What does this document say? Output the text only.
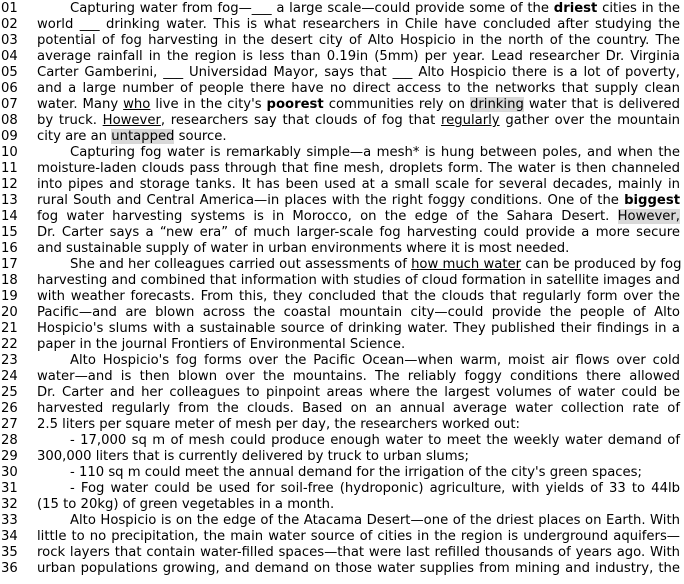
01	Capturing water from fog—___ a large scale—could provide some of the driest cities in the
02	world ___ drinking water. This is what researchers in Chile have concluded after studying the
03	potential of fog harvesting in the desert city of Alto Hospicio in the north of the country. The
04	average rainfall in the region is less than 0.19in (5mm) per year. Lead researcher Dr. Virginia
05	Carter Gamberini, ___ Universidad Mayor, says that ___ Alto Hospicio there is a lot of poverty,
06	and a large number of people there have no direct access to the networks that supply clean
07	water. Many who live in the city's poorest communities rely on drinking water that is delivered
08	by truck. However, researchers say that clouds of fog that regularly gather over the mountain
09	city are an untapped source.
10	Capturing fog water is remarkably simple—a mesh* is hung between poles, and when the
11	moisture-laden clouds pass through that fine mesh, droplets form. The water is then channeled
12	into pipes and storage tanks. It has been used at a small scale for several decades, mainly in
13	rural South and Central America—in places with the right foggy conditions. One of the biggest
14	fog water harvesting systems is in Morocco, on the edge of the Sahara Desert. However,
15	Dr. Carter says a “new era” of much larger-scale fog harvesting could provide a more secure
16	and sustainable supply of water in urban environments where it is most needed.
17	She and her colleagues carried out assessments of how much water can be produced by fog
18	harvesting and combined that information with studies of cloud formation in satellite images and
19	with weather forecasts. From this, they concluded that the clouds that regularly form over the
20	Pacific—and are blown across the coastal mountain city—could provide the people of Alto
21	Hospicio's slums with a sustainable source of drinking water. They published their findings in a
22	paper in the journal Frontiers of Environmental Science.
23	Alto Hospicio's fog forms over the Pacific Ocean—when warm, moist air flows over cold
24	water—and is then blown over the mountains. The reliably foggy conditions there allowed
25	Dr. Carter and her colleagues to pinpoint areas where the largest volumes of water could be
26	harvested regularly from the clouds. Based on an annual average water collection rate of
27	2.5 liters per square meter of mesh per day, the researchers worked out:
28	- 17,000 sq m of mesh could produce enough water to meet the weekly water demand of
29	300,000 liters that is currently delivered by truck to urban slums;
30	- 110 sq m could meet the annual demand for the irrigation of the city's green spaces;
31	- Fog water could be used for soil-free (hydroponic) agriculture, with yields of 33 to 44lb
32	(15 to 20kg) of green vegetables in a month.
33	Alto Hospicio is on the edge of the Atacama Desert—one of the driest places on Earth. With
34	little to no precipitation, the main water source of cities in the region is underground aquifers—
35	rock layers that contain water-filled spaces—that were last refilled thousands of years ago. With
36	urban populations growing, and demand on those water supplies from mining and industry, the
